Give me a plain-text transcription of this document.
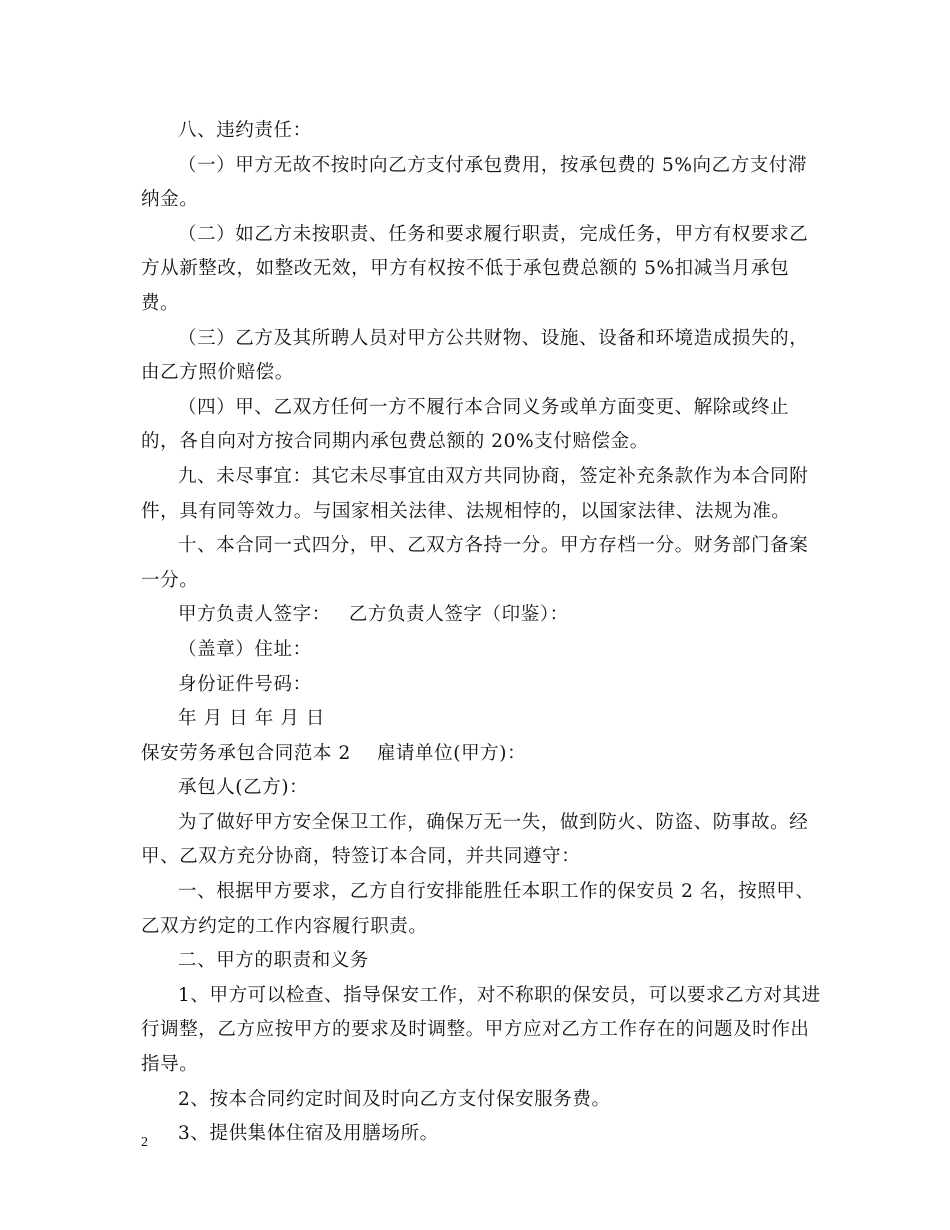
八、违约责任：

（一）甲方无故不按时向乙方支付承包费用，按承包费的 5%向乙方支付滞纳金。

（二）如乙方未按职责、任务和要求履行职责，完成任务，甲方有权要求乙方从新整改，如整改无效，甲方有权按不低于承包费总额的 5%扣减当月承包费。

（三）乙方及其所聘人员对甲方公共财物、设施、设备和环境造成损失的，由乙方照价赔偿。

（四）甲、乙双方任何一方不履行本合同义务或单方面变更、解除或终止的，各自向对方按合同期内承包费总额的 20%支付赔偿金。

九、未尽事宜：其它未尽事宜由双方共同协商，签定补充条款作为本合同附件，具有同等效力。与国家相关法律、法规相悖的，以国家法律、法规为准。

十、本合同一式四分，甲、乙双方各持一分。甲方存档一分。财务部门备案一分。

甲方负责人签字： 乙方负责人签字（印鉴）：

（盖章）住址：

身份证件号码：

年 月 日 年 月 日

保安劳务承包合同范本 2 雇请单位(甲方)：

承包人(乙方)：

为了做好甲方安全保卫工作，确保万无一失，做到防火、防盗、防事故。经甲、乙双方充分协商，特签订本合同，并共同遵守：

一、根据甲方要求，乙方自行安排能胜任本职工作的保安员 2 名，按照甲、乙双方约定的工作内容履行职责。

二、甲方的职责和义务

1、甲方可以检查、指导保安工作，对不称职的保安员，可以要求乙方对其进行调整，乙方应按甲方的要求及时调整。甲方应对乙方工作存在的问题及时作出指导。

2、按本合同约定时间及时向乙方支付保安服务费。

3、提供集体住宿及用膳场所。

2
